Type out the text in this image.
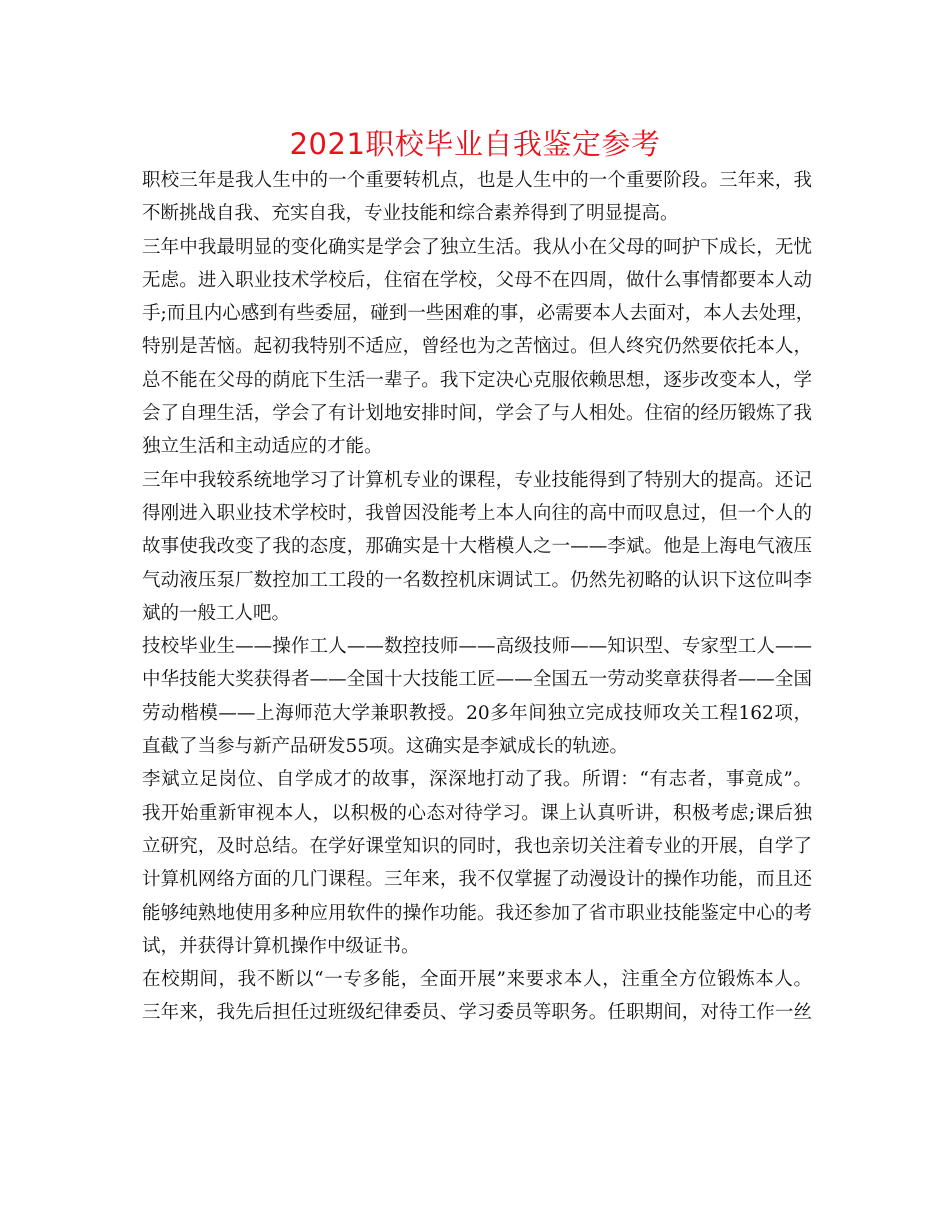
2021职校毕业自我鉴定参考
职校三年是我人生中的一个重要转机点，也是人生中的一个重要阶段。三年来，我
不断挑战自我、充实自我，专业技能和综合素养得到了明显提高。
三年中我最明显的变化确实是学会了独立生活。我从小在父母的呵护下成长，无忧
无虑。进入职业技术学校后，住宿在学校，父母不在四周，做什么事情都要本人动
手;而且内心感到有些委屈，碰到一些困难的事，必需要本人去面对，本人去处理，
特别是苦恼。起初我特别不适应，曾经也为之苦恼过。但人终究仍然要依托本人，
总不能在父母的荫庇下生活一辈子。我下定决心克服依赖思想，逐步改变本人，学
会了自理生活，学会了有计划地安排时间，学会了与人相处。住宿的经历锻炼了我
独立生活和主动适应的才能。
三年中我较系统地学习了计算机专业的课程，专业技能得到了特别大的提高。还记
得刚进入职业技术学校时，我曾因没能考上本人向往的高中而叹息过，但一个人的
故事使我改变了我的态度，那确实是十大楷模人之一——李斌。他是上海电气液压
气动液压泵厂数控加工工段的一名数控机床调试工。仍然先初略的认识下这位叫李
斌的一般工人吧。
技校毕业生——操作工人——数控技师——高级技师——知识型、专家型工人——
中华技能大奖获得者——全国十大技能工匠——全国五一劳动奖章获得者——全国
劳动楷模——上海师范大学兼职教授。20多年间独立完成技师攻关工程162项，
直截了当参与新产品研发55项。这确实是李斌成长的轨迹。
李斌立足岗位、自学成才的故事，深深地打动了我。所谓：“有志者，事竟成”。
我开始重新审视本人，以积极的心态对待学习。课上认真听讲，积极考虑;课后独
立研究，及时总结。在学好课堂知识的同时，我也亲切关注着专业的开展，自学了
计算机网络方面的几门课程。三年来，我不仅掌握了动漫设计的操作功能，而且还
能够纯熟地使用多种应用软件的操作功能。我还参加了省市职业技能鉴定中心的考
试，并获得计算机操作中级证书。
在校期间，我不断以“一专多能，全面开展”来要求本人，注重全方位锻炼本人。
三年来，我先后担任过班级纪律委员、学习委员等职务。任职期间，对待工作一丝
